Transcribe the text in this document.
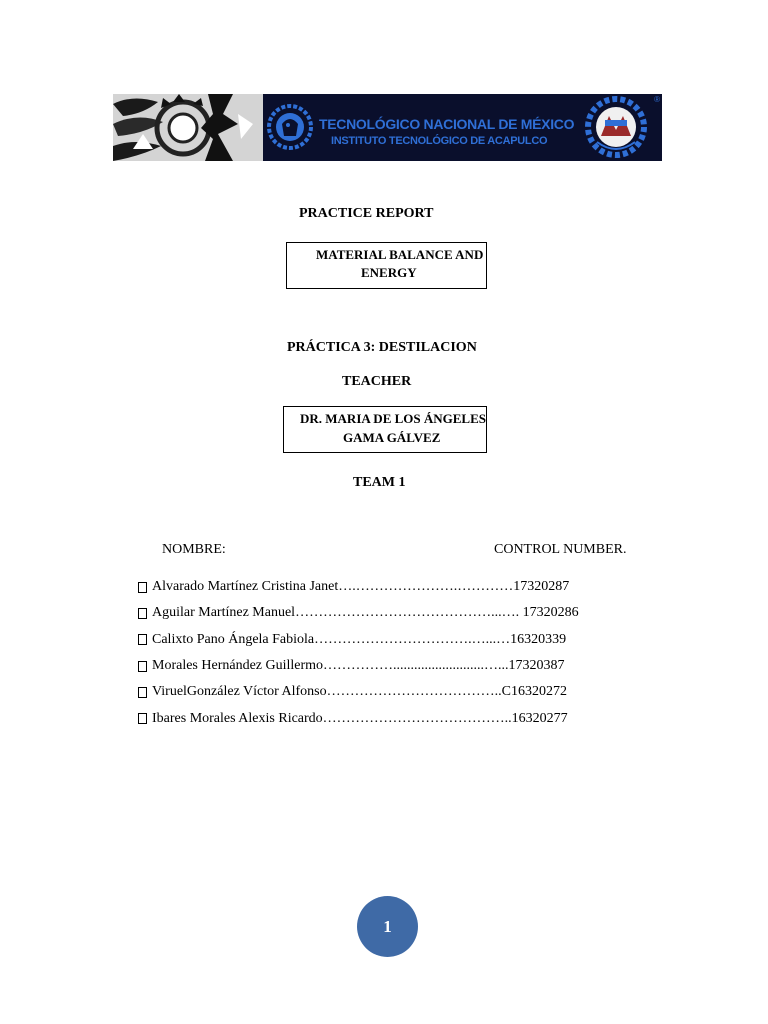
TECNOLÓGICO NACIONAL DE MÉXICO
INSTITUTO TECNOLÓGICO DE ACAPULCO
®
PRACTICE REPORT
MATERIAL BALANCE AND
ENERGY
PRÁCTICA 3: DESTILACION
TEACHER
DR. MARIA DE LOS ÁNGELES
GAMA GÁLVEZ
TEAM 1
NOMBRE:	CONTROL NUMBER.
Alvarado Martínez Cristina Janet….………………….…………17320287
Aguilar Martínez Manuel……………………………………...…. 17320286
Calixto Pano Ángela Fabiola…………………………….…...…16320339
Morales Hernández Guillermo……………..........................…...17320387
ViruelGonzález Víctor Alfonso………………………………..C16320272
Ibares Morales Alexis Ricardo…………………………………..16320277
1
